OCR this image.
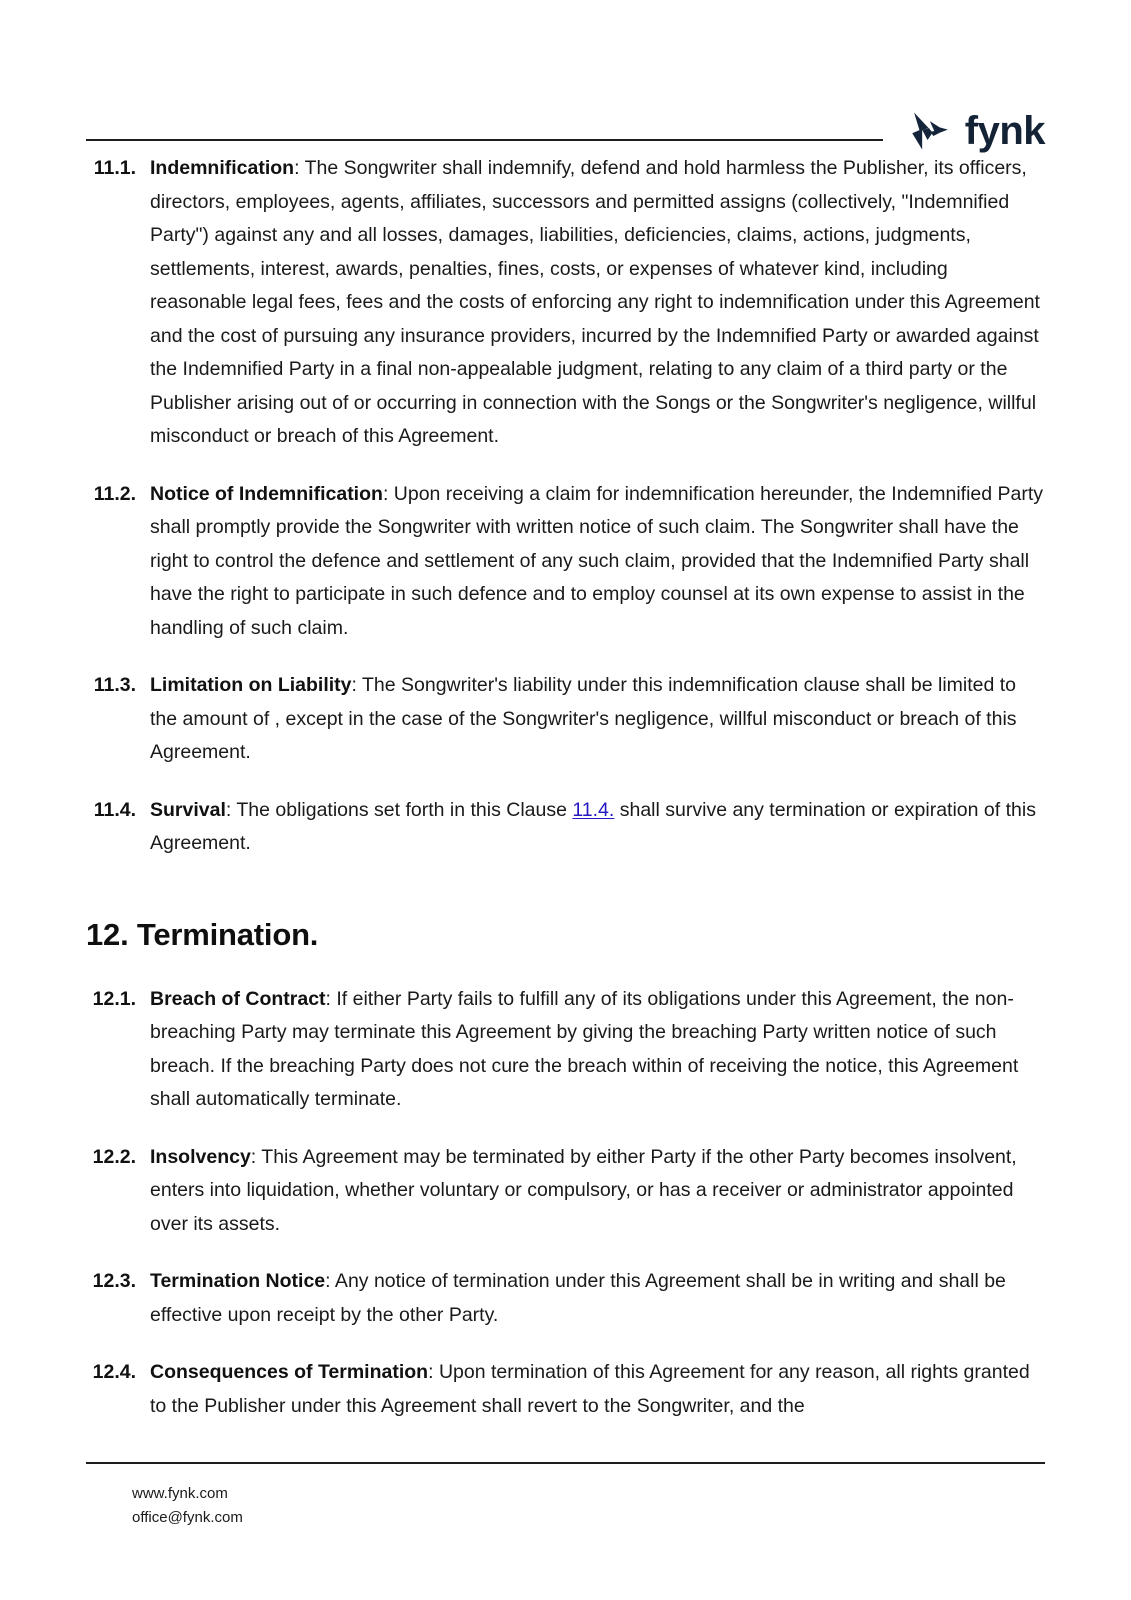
fynk
11.1. Indemnification: The Songwriter shall indemnify, defend and hold harmless the Publisher, its officers, directors, employees, agents, affiliates, successors and permitted assigns (collectively, "Indemnified Party") against any and all losses, damages, liabilities, deficiencies, claims, actions, judgments, settlements, interest, awards, penalties, fines, costs, or expenses of whatever kind, including reasonable legal fees, fees and the costs of enforcing any right to indemnification under this Agreement and the cost of pursuing any insurance providers, incurred by the Indemnified Party or awarded against the Indemnified Party in a final non-appealable judgment, relating to any claim of a third party or the Publisher arising out of or occurring in connection with the Songs or the Songwriter's negligence, willful misconduct or breach of this Agreement.
11.2. Notice of Indemnification: Upon receiving a claim for indemnification hereunder, the Indemnified Party shall promptly provide the Songwriter with written notice of such claim. The Songwriter shall have the right to control the defence and settlement of any such claim, provided that the Indemnified Party shall have the right to participate in such defence and to employ counsel at its own expense to assist in the handling of such claim.
11.3. Limitation on Liability: The Songwriter's liability under this indemnification clause shall be limited to the amount of , except in the case of the Songwriter's negligence, willful misconduct or breach of this Agreement.
11.4. Survival: The obligations set forth in this Clause 11.4. shall survive any termination or expiration of this Agreement.
12. Termination.
12.1. Breach of Contract: If either Party fails to fulfill any of its obligations under this Agreement, the non-breaching Party may terminate this Agreement by giving the breaching Party written notice of such breach. If the breaching Party does not cure the breach within of receiving the notice, this Agreement shall automatically terminate.
12.2. Insolvency: This Agreement may be terminated by either Party if the other Party becomes insolvent, enters into liquidation, whether voluntary or compulsory, or has a receiver or administrator appointed over its assets.
12.3. Termination Notice: Any notice of termination under this Agreement shall be in writing and shall be effective upon receipt by the other Party.
12.4. Consequences of Termination: Upon termination of this Agreement for any reason, all rights granted to the Publisher under this Agreement shall revert to the Songwriter, and the
www.fynk.com
office@fynk.com
